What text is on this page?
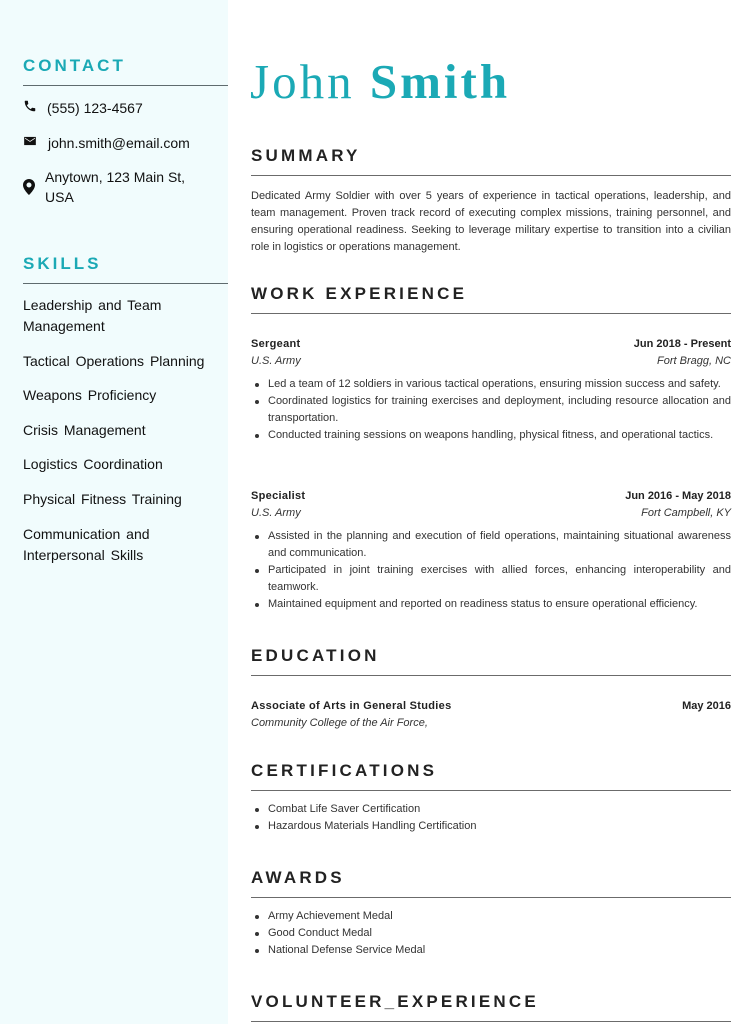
CONTACT
(555) 123-4567
john.smith@email.com
Anytown, 123 Main St, USA
SKILLS
Leadership and Team Management
Tactical Operations Planning
Weapons Proficiency
Crisis Management
Logistics Coordination
Physical Fitness Training
Communication and Interpersonal Skills
John Smith
SUMMARY
Dedicated Army Soldier with over 5 years of experience in tactical operations, leadership, and team management. Proven track record of executing complex missions, training personnel, and ensuring operational readiness. Seeking to leverage military expertise to transition into a civilian role in logistics or operations management.
WORK EXPERIENCE
Sergeant	Jun 2018 - Present
U.S. Army	Fort Bragg, NC
Led a team of 12 soldiers in various tactical operations, ensuring mission success and safety.
Coordinated logistics for training exercises and deployment, including resource allocation and transportation.
Conducted training sessions on weapons handling, physical fitness, and operational tactics.
Specialist	Jun 2016 - May 2018
U.S. Army	Fort Campbell, KY
Assisted in the planning and execution of field operations, maintaining situational awareness and communication.
Participated in joint training exercises with allied forces, enhancing interoperability and teamwork.
Maintained equipment and reported on readiness status to ensure operational efficiency.
EDUCATION
Associate of Arts in General Studies	May 2016
Community College of the Air Force,
CERTIFICATIONS
Combat Life Saver Certification
Hazardous Materials Handling Certification
AWARDS
Army Achievement Medal
Good Conduct Medal
National Defense Service Medal
VOLUNTEER_EXPERIENCE
